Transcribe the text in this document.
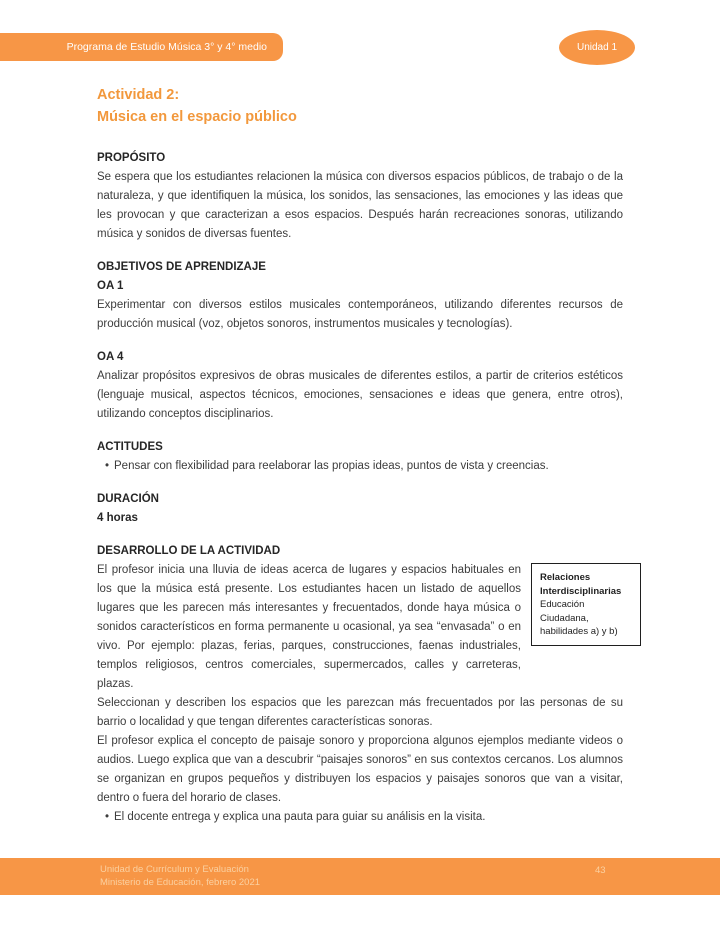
Programa de Estudio Música 3° y 4° medio	Unidad 1
Actividad 2:
Música en el espacio público
PROPÓSITO

Se espera que los estudiantes relacionen la música con diversos espacios públicos, de trabajo o de la naturaleza, y que identifiquen la música, los sonidos, las sensaciones, las emociones y las ideas que les provocan y que caracterizan a esos espacios. Después harán recreaciones sonoras, utilizando música y sonidos de diversas fuentes.

OBJETIVOS DE APRENDIZAJE
OA 1

Experimentar con diversos estilos musicales contemporáneos, utilizando diferentes recursos de producción musical (voz, objetos sonoros, instrumentos musicales y tecnologías).

OA 4

Analizar propósitos expresivos de obras musicales de diferentes estilos, a partir de criterios estéticos (lenguaje musical, aspectos técnicos, emociones, sensaciones e ideas que genera, entre otros), utilizando conceptos disciplinarios.

ACTITUDES
• Pensar con flexibilidad para reelaborar las propias ideas, puntos de vista y creencias.
DURACIÓN
4 horas
DESARROLLO DE LA ACTIVIDAD
Relaciones Interdisciplinarias
Educación Ciudadana, habilidades a) y b)

El profesor inicia una lluvia de ideas acerca de lugares y espacios habituales en los que la música está presente. Los estudiantes hacen un listado de aquellos lugares que les parecen más interesantes y frecuentados, donde haya música o sonidos característicos en forma permanente u ocasional, ya sea “envasada” o en vivo. Por ejemplo: plazas, ferias, parques, construcciones, faenas industriales, templos religiosos, centros comerciales, supermercados, calles y carreteras, plazas.

Seleccionan y describen los espacios que les parezcan más frecuentados por las personas de su barrio o localidad y que tengan diferentes características sonoras.

El profesor explica el concepto de paisaje sonoro y proporciona algunos ejemplos mediante videos o audios. Luego explica que van a descubrir “paisajes sonoros” en sus contextos cercanos. Los alumnos se organizan en grupos pequeños y distribuyen los espacios y paisajes sonoros que van a visitar, dentro o fuera del horario de clases.

• El docente entrega y explica una pauta para guiar su análisis en la visita.
Unidad de Currículum y Evaluación
Ministerio de Educación, febrero 2021
43
